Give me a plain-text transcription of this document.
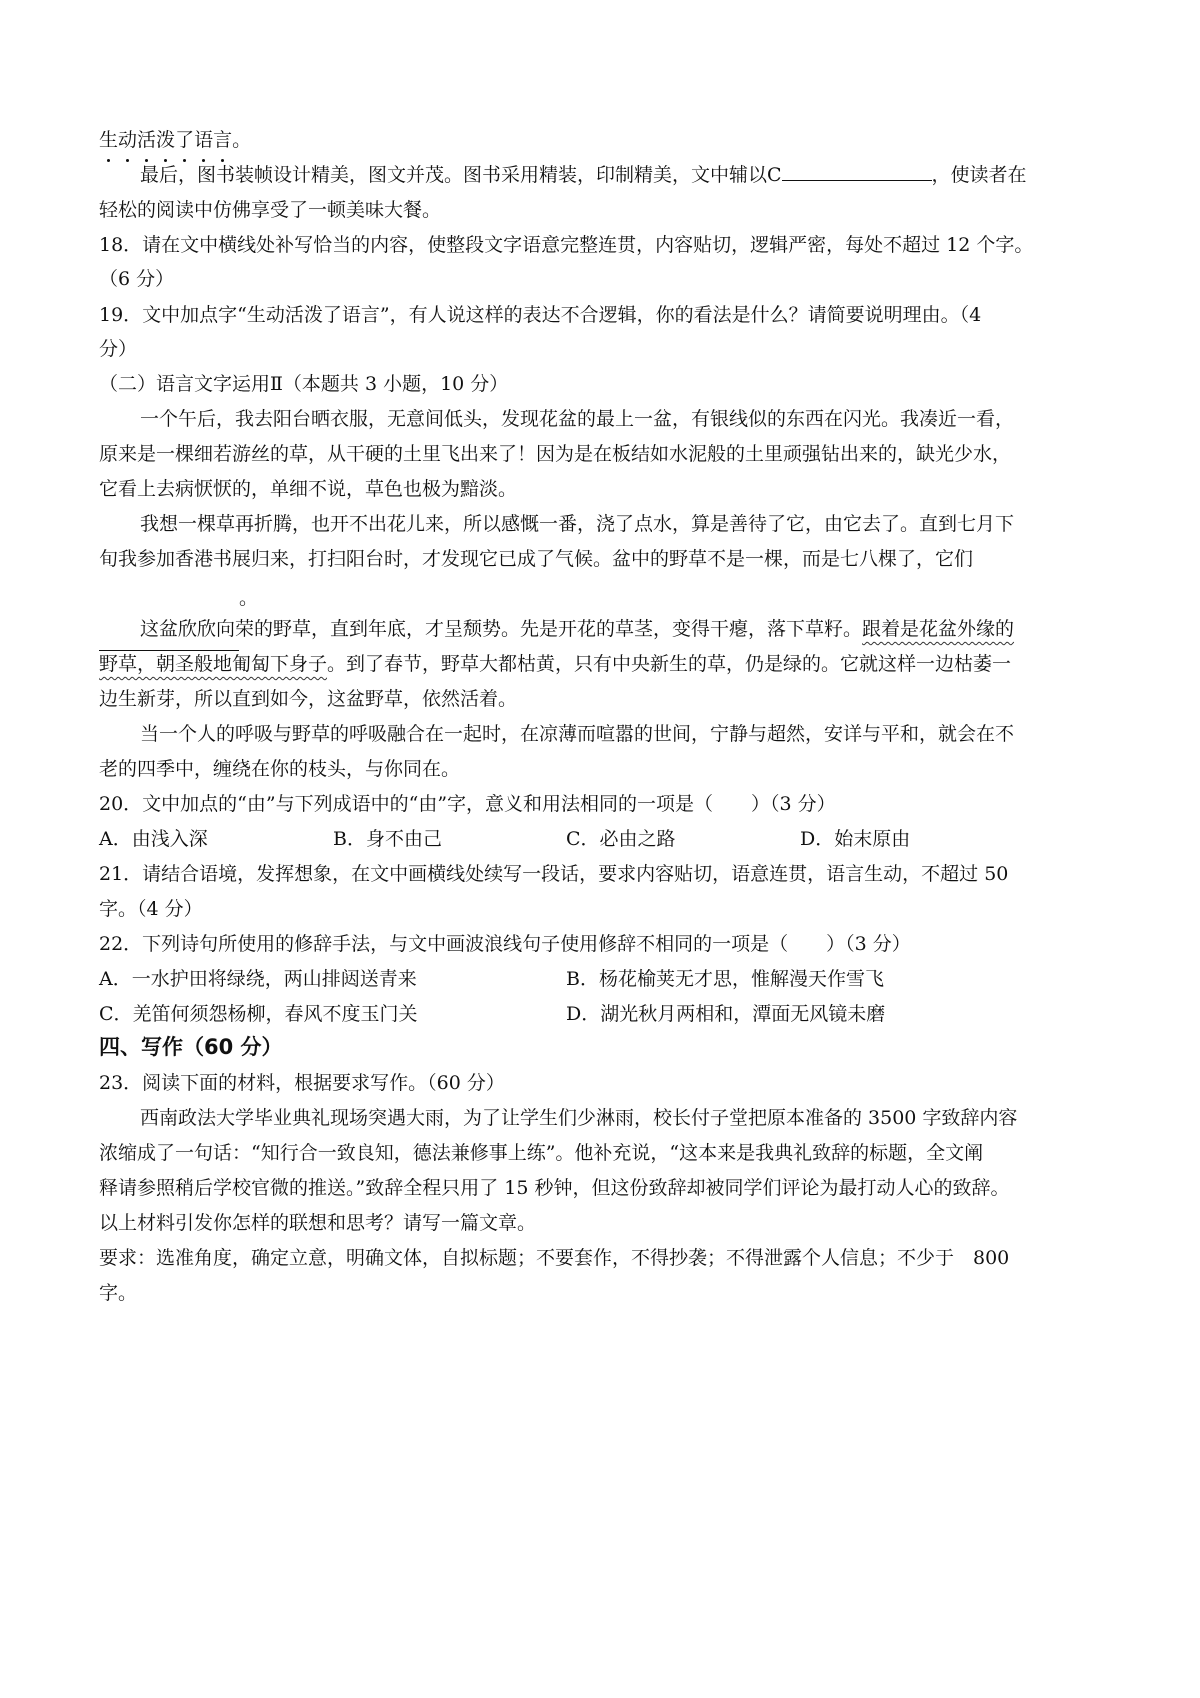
生动活泼了语言。
最后，图书装帧设计精美，图文并茂。图书采用精装，印制精美，文中辅以C	，使读者在
轻松的阅读中仿佛享受了一顿美味大餐。
18．请在文中横线处补写恰当的内容，使整段文字语意完整连贯，内容贴切，逻辑严密，每处不超过 12 个字。
（6 分）
19．文中加点字“生动活泼了语言”，有人说这样的表达不合逻辑，你的看法是什么？请简要说明理由。（4
分）
（二）语言文字运用Ⅱ（本题共 3 小题，10 分）
一个午后，我去阳台晒衣服，无意间低头，发现花盆的最上一盆，有银线似的东西在闪光。我凑近一看，
原来是一棵细若游丝的草，从干硬的土里飞出来了！因为是在板结如水泥般的土里顽强钻出来的，缺光少水，
它看上去病恹恹的，单细不说，草色也极为黯淡。
我想一棵草再折腾，也开不出花儿来，所以感慨一番，浇了点水，算是善待了它，由它去了。直到七月下
旬我参加香港书展归来，打扫阳台时，才发现它已成了气候。盆中的野草不是一棵，而是七八棵了，它们
。
这盆欣欣向荣的野草，直到年底，才呈颓势。先是开花的草茎，变得干瘪，落下草籽。跟着是花盆外缘的
野草，朝圣般地匍匐下身子。到了春节，野草大都枯黄，只有中央新生的草，仍是绿的。它就这样一边枯萎一
边生新芽，所以直到如今，这盆野草，依然活着。
当一个人的呼吸与野草的呼吸融合在一起时，在凉薄而喧嚣的世间，宁静与超然，安详与平和，就会在不
老的四季中，缠绕在你的枝头，与你同在。
20．文中加点的“由”与下列成语中的“由”字，意义和用法相同的一项是（　　）（3 分）
A．由浅入深	B．身不由己	C．必由之路	D．始末原由
21．请结合语境，发挥想象，在文中画横线处续写一段话，要求内容贴切，语意连贯，语言生动，不超过 50
字。（4 分）
22．下列诗句所使用的修辞手法，与文中画波浪线句子使用修辞不相同的一项是（　　）（3 分）
A．一水护田将绿绕，两山排闼送青来	B．杨花榆荚无才思，惟解漫天作雪飞
C．羌笛何须怨杨柳，春风不度玉门关	D．湖光秋月两相和，潭面无风镜未磨
四、写作（60 分）
23．阅读下面的材料，根据要求写作。（60 分）
西南政法大学毕业典礼现场突遇大雨，为了让学生们少淋雨，校长付子堂把原本准备的 3500 字致辞内容
浓缩成了一句话：“知行合一致良知，德法兼修事上练”。他补充说，“这本来是我典礼致辞的标题，全文阐
释请参照稍后学校官微的推送。”致辞全程只用了 15 秒钟，但这份致辞却被同学们评论为最打动人心的致辞。
以上材料引发你怎样的联想和思考？请写一篇文章。
要求：选准角度，确定立意，明确文体，自拟标题；不要套作，不得抄袭；不得泄露个人信息；不少于　800
字。
